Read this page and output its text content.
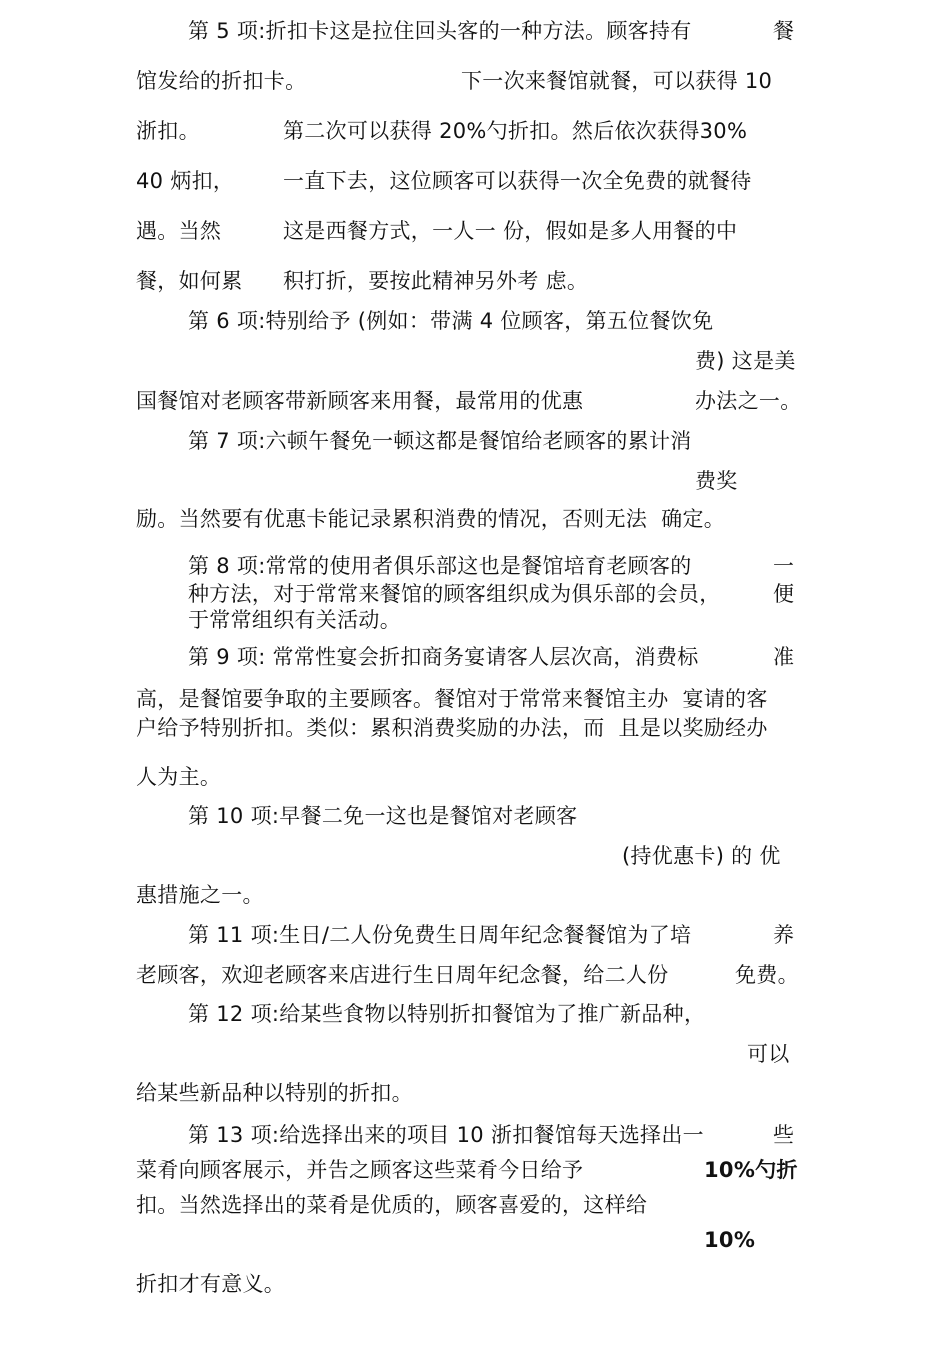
第 5 项:折扣卡这是拉住回头客的一种方法。顾客持有	餐
馆发给的折扣卡。	下一次来餐馆就餐，可以获得 10
浙扣。	第二次可以获得 20%勺折扣。然后依次获得30%
40 炳扣， 一直下去，这位顾客可以获得一次全免费的就餐待
遇。当然	这是西餐方式，一人一 份，假如是多人用餐的中
餐，如何累 积打折，要按此精神另外考 虑。
第 6 项:特别给予 (例如：带满 4 位顾客，第五位餐饮免
费) 这是美
国餐馆对老顾客带新顾客来用餐，最常用的优惠	办法之一。
第 7 项:六顿午餐免一顿这都是餐馆给老顾客的累计消
费奖
励。当然要有优惠卡能记录累积消费的情况，否则无法  确定。
第 8 项:常常的使用者俱乐部这也是餐馆培育老顾客的	一
种方法，对于常常来餐馆的顾客组织成为俱乐部的会员，	便
于常常组织有关活动。
第 9 项: 常常性宴会折扣商务宴请客人层次高，消费标	准
高，是餐馆要争取的主要顾客。餐馆对于常常来餐馆主办  宴请的客
户给予特别折扣。类似：累积消费奖励的办法，而  且是以奖励经办
人为主。
第 10 项:早餐二免一这也是餐馆对老顾客
(持优惠卡) 的 优
惠措施之一。
第 11 项:生日/二人份免费生日周年纪念餐餐馆为了培	养
老顾客，欢迎老顾客来店进行生日周年纪念餐，给二人份	免费。
第 12 项:给某些食物以特别折扣餐馆为了推广新品种，
可以
给某些新品种以特别的折扣。
第 13 项:给选择出来的项目 10 浙扣餐馆每天选择出一	些
菜肴向顾客展示，并告之顾客这些菜肴今日给予	10%勺折
扣。当然选择出的菜肴是优质的，顾客喜爱的，这样给
10%
折扣才有意义。
